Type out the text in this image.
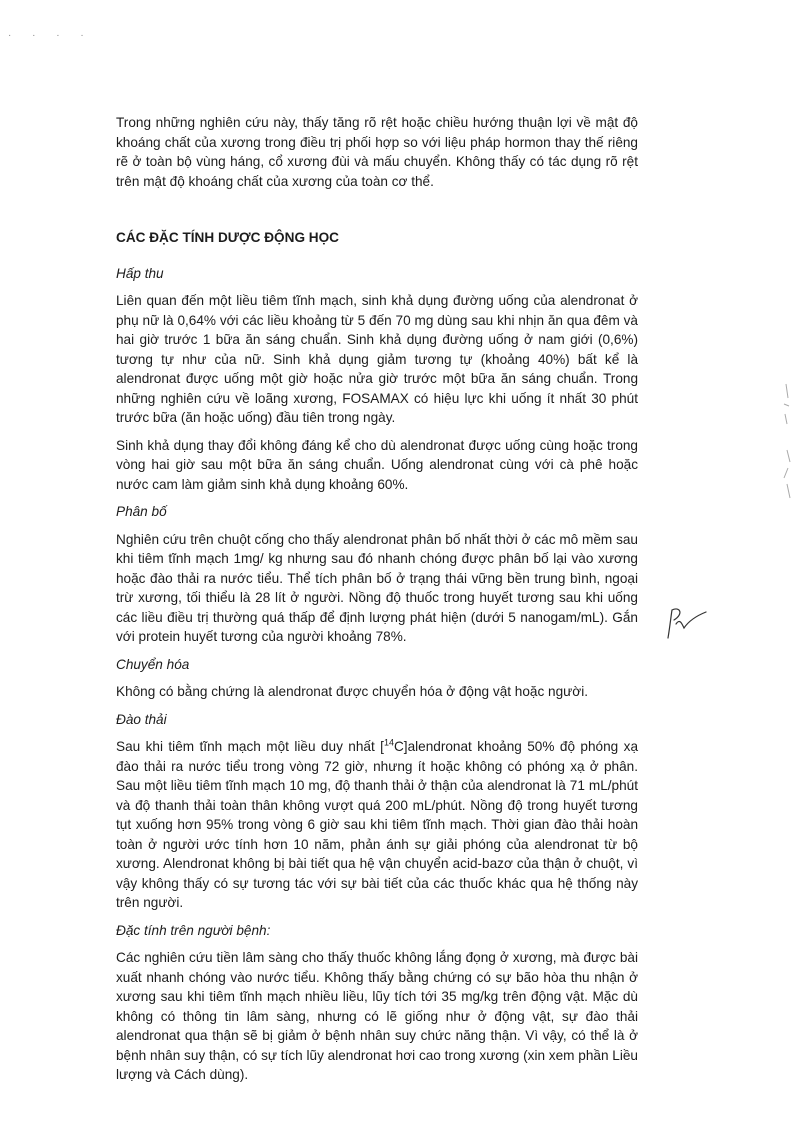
· · · ·

Trong những nghiên cứu này, thấy tăng rõ rệt hoặc chiều hướng thuận lợi về mật độ khoáng chất của xương trong điều trị phối hợp so với liệu pháp hormon thay thế riêng rẽ ở toàn bộ vùng háng, cổ xương đùi và mấu chuyển. Không thấy có tác dụng rõ rệt trên mật độ khoáng chất của xương của toàn cơ thể.

CÁC ĐẶC TÍNH DƯỢC ĐỘNG HỌC

Hấp thu

Liên quan đến một liều tiêm tĩnh mạch, sinh khả dụng đường uống của alendronat ở phụ nữ là 0,64% với các liều khoảng từ 5 đến 70 mg dùng sau khi nhịn ăn qua đêm và hai giờ trước 1 bữa ăn sáng chuẩn. Sinh khả dụng đường uống ở nam giới (0,6%) tương tự như của nữ. Sinh khả dụng giảm tương tự (khoảng 40%) bất kể là alendronat được uống một giờ hoặc nửa giờ trước một bữa ăn sáng chuẩn. Trong những nghiên cứu về loãng xương, FOSAMAX có hiệu lực khi uống ít nhất 30 phút trước bữa (ăn hoặc uống) đầu tiên trong ngày.

Sinh khả dụng thay đổi không đáng kể cho dù alendronat được uống cùng hoặc trong vòng hai giờ sau một bữa ăn sáng chuẩn. Uống alendronat cùng với cà phê hoặc nước cam làm giảm sinh khả dụng khoảng 60%.

Phân bố

Nghiên cứu trên chuột cống cho thấy alendronat phân bố nhất thời ở các mô mềm sau khi tiêm tĩnh mạch 1mg/ kg nhưng sau đó nhanh chóng được phân bố lại vào xương hoặc đào thải ra nước tiểu. Thể tích phân bố ở trạng thái vững bền trung bình, ngoại trừ xương, tối thiểu là 28 lít ở người. Nồng độ thuốc trong huyết tương sau khi uống các liều điều trị thường quá thấp để định lượng phát hiện (dưới 5 nanogam/mL). Gắn với protein huyết tương của người khoảng 78%.

Chuyển hóa

Không có bằng chứng là alendronat được chuyển hóa ở động vật hoặc người.

Đào thải

Sau khi tiêm tĩnh mạch một liều duy nhất [$^{14}$C]alendronat khoảng 50% độ phóng xạ đào thải ra nước tiểu trong vòng 72 giờ, nhưng ít hoặc không có phóng xạ ở phân. Sau một liều tiêm tĩnh mạch 10 mg, độ thanh thải ở thận của alendronat là 71 mL/phút và độ thanh thải toàn thân không vượt quá 200 mL/phút. Nồng độ trong huyết tương tụt xuống hơn 95% trong vòng 6 giờ sau khi tiêm tĩnh mạch. Thời gian đào thải hoàn toàn ở người ước tính hơn 10 năm, phản ánh sự giải phóng của alendronat từ bộ xương. Alendronat không bị bài tiết qua hệ vận chuyển acid-bazơ của thận ở chuột, vì vậy không thấy có sự tương tác với sự bài tiết của các thuốc khác qua hệ thống này trên người.

Đặc tính trên người bệnh:

Các nghiên cứu tiền lâm sàng cho thấy thuốc không lắng đọng ở xương, mà được bài xuất nhanh chóng vào nước tiểu. Không thấy bằng chứng có sự bão hòa thu nhận ở xương sau khi tiêm tĩnh mạch nhiều liều, lũy tích tới 35 mg/kg trên động vật. Mặc dù không có thông tin lâm sàng, nhưng có lẽ giống như ở động vật, sự đào thải alendronat qua thận sẽ bị giảm ở bệnh nhân suy chức năng thận. Vì vậy, có thể là ở bệnh nhân suy thận, có sự tích lũy alendronat hơi cao trong xương (xin xem phần Liều lượng và Cách dùng).
